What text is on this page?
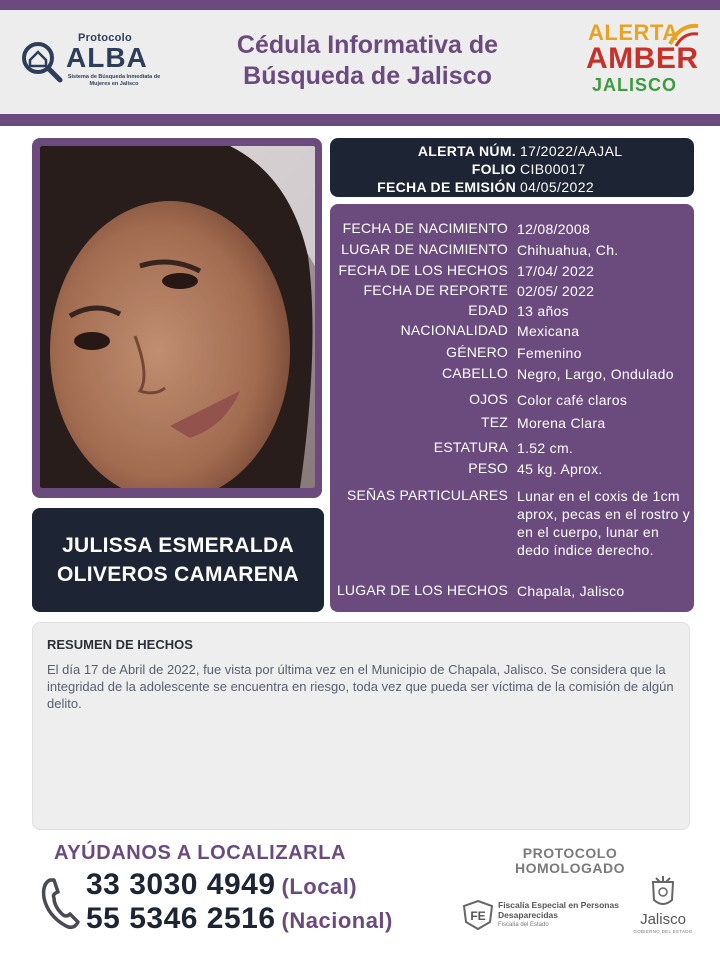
Protocolo
ALBA
Sistema de Búsqueda Inmediata de Mujeres en Jalisco
Cédula Informativa de
Búsqueda de Jalisco
ALERTA
AMBER
JALISCO
JULISSA ESMERALDA
OLIVEROS CAMARENA
ALERTA NÚM. 17/2022/AAJAL
FOLIO CIB00017
FECHA DE EMISIÓN 04/05/2022
FECHA DE NACIMIENTO 12/08/2008
LUGAR DE NACIMIENTO Chihuahua, Ch.
FECHA DE LOS HECHOS 17/04/ 2022
FECHA DE REPORTE 02/05/ 2022
EDAD 13 años
NACIONALIDAD Mexicana
GÉNERO Femenino
CABELLO Negro, Largo, Ondulado
OJOS Color café claros
TEZ Morena Clara
ESTATURA 1.52 cm.
PESO 45 kg. Aprox.
SEÑAS PARTICULARES Lunar en el coxis de 1cm aprox, pecas en el rostro y en el cuerpo, lunar en dedo índice derecho.
LUGAR DE LOS HECHOS Chapala, Jalisco
RESUMEN DE HECHOS
El día 17 de Abril de 2022, fue vista por última vez en el Municipio de Chapala, Jalisco. Se considera que la integridad de la adolescente se encuentra en riesgo, toda vez que pueda ser víctima de la comisión de algún delito.
AYÚDANOS A LOCALIZARLA
33 3030 4949 (Local)
55 5346 2516 (Nacional)
PROTOCOLO
HOMOLOGADO
FE
Fiscalía Especial en Personas Desaparecidas
Fiscalía del Estado	Jalisco
GOBIERNO DEL ESTADO
